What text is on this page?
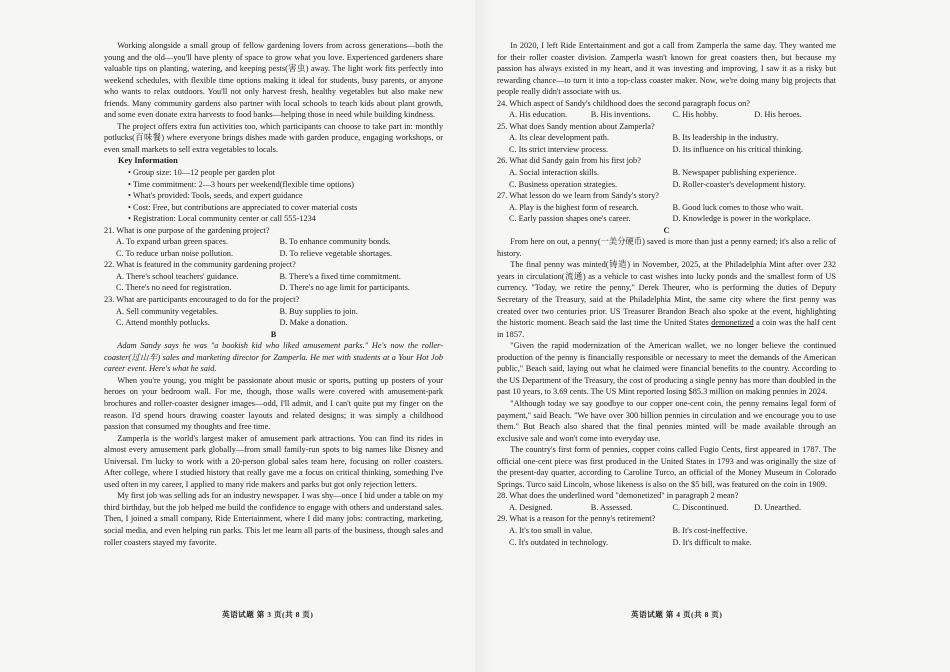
Working alongside a small group of fellow gardening lovers from across generations—both the young and the old—you'll have plenty of space to grow what you love. Experienced gardeners share valuable tips on planting, watering, and keeping pests(害虫) away. The light work fits perfectly into weekend schedules, with flexible time options making it ideal for students, busy parents, or anyone who wants to relax outdoors. You'll not only harvest fresh, healthy vegetables but also make new friends. Many community gardens also partner with local schools to teach kids about plant growth, and some even donate extra harvests to food banks—helping those in need while building kindness.

The project offers extra fun activities too, which participants can choose to take part in: monthly potlucks(百味餐) where everyone brings dishes made with garden produce, engaging workshops, or even small markets to sell extra vegetables to locals.

Key Information
• Group size: 10—12 people per garden plot
• Time commitment: 2—3 hours per weekend(flexible time options)
• What's provided: Tools, seeds, and expert guidance
• Cost: Free, but contributions are appreciated to cover material costs
• Registration: Local community center or call 555-1234
21. What is one purpose of the gardening project?
A. To expand urban green spaces.	B. To enhance community bonds.
C. To reduce urban noise pollution.	D. To relieve vegetable shortages.
22. What is featured in the community gardening project?
A. There's school teachers' guidance.	B. There's a fixed time commitment.
C. There's no need for registration.	D. There's no age limit for participants.
23. What are participants encouraged to do for the project?
A. Sell community vegetables.	B. Buy supplies to join.
C. Attend monthly potlucks.	D. Make a donation.
B

Adam Sandy says he was "a bookish kid who liked amusement parks." He's now the roller-coaster(过山车) sales and marketing director for Zamperla. He met with students at a Your Hot Job career event. Here's what he said.

When you're young, you might be passionate about music or sports, putting up posters of your heroes on your bedroom wall. For me, though, those walls were covered with amusement-park brochures and roller-coaster designer images—odd, I'll admit, and I can't quite put my finger on the reason. I'd spend hours drawing coaster layouts and related designs; it was simply a childhood passion that consumed my thoughts and free time.

Zamperla is the world's largest maker of amusement park attractions. You can find its rides in almost every amusement park globally—from small family-run spots to big names like Disney and Universal. I'm lucky to work with a 20-person global sales team here, focusing on roller coasters. After college, where I studied history that really gave me a focus on critical thinking, something I've used often in my career, I applied to many ride makers and parks but got only rejection letters.

My first job was selling ads for an industry newspaper. I was shy—once I hid under a table on my third birthday, but the job helped me build the confidence to engage with others and understand sales. Then, I joined a small company, Ride Entertainment, where I did many jobs: contracting, marketing, social media, and even helping run parks. This let me learn all parts of the business, though sales and roller coasters stayed my favorite.

英语试题 第 3 页(共 8 页)

In 2020, I left Ride Entertainment and got a call from Zamperla the same day. They wanted me for their roller coaster division. Zamperla wasn't known for great coasters then, but because my passion has always existed in my heart, and it was investing and improving, I saw it as a risky but rewarding chance—to turn it into a top-class coaster maker. Now, we're doing many big projects that people really didn't associate with us.

24. Which aspect of Sandy's childhood does the second paragraph focus on?
A. His education.	B. His inventions.	C. His hobby.	D. His heroes.
25. What does Sandy mention about Zamperla?
A. Its clear development path.	B. Its leadership in the industry.
C. Its strict interview process.	D. Its influence on his critical thinking.
26. What did Sandy gain from his first job?
A. Social interaction skills.	B. Newspaper publishing experience.
C. Business operation strategies.	D. Roller-coaster's development history.
27. What lesson do we learn from Sandy's story?
A. Play is the highest form of research.	B. Good luck comes to those who wait.
C. Early passion shapes one's career.	D. Knowledge is power in the workplace.
C

From here on out, a penny(一美分硬币) saved is more than just a penny earned; it's also a relic of history.

The final penny was minted(铸造) in November, 2025, at the Philadelphia Mint after over 232 years in circulation(流通) as a vehicle to cast wishes into lucky ponds and the smallest form of US currency. "Today, we retire the penny," Derek Theurer, who is performing the duties of Deputy Secretary of the Treasury, said at the Philadelphia Mint, the same city where the first penny was created over two centuries prior. US Treasurer Brandon Beach also spoke at the event, highlighting the historic moment. Beach said the last time the United States demonetized a coin was the half cent in 1857.

"Given the rapid modernization of the American wallet, we no longer believe the continued production of the penny is financially responsible or necessary to meet the demands of the American public," Beach said, laying out what he claimed were financial benefits to the country. According to the US Department of the Treasury, the cost of producing a single penny has more than doubled in the past 10 years, to 3.69 cents. The US Mint reported losing $85.3 million on making pennies in 2024.

"Although today we say goodbye to our copper one-cent coin, the penny remains legal form of payment," said Beach. "We have over 300 billion pennies in circulation and we encourage you to use them." But Beach also shared that the final pennies minted will be made available through an exclusive sale and won't come into everyday use.

The country's first form of pennies, copper coins called Fugio Cents, first appeared in 1787. The official one-cent piece was first produced in the United States in 1793 and was originally the size of the present-day quarter, according to Caroline Turco, an official of the Money Museum in Colorado Springs. Turco said Lincoln, whose likeness is also on the $5 bill, was featured on the coin in 1909.

28. What does the underlined word "demonetized" in paragraph 2 mean?
A. Designed.	B. Assessed.	C. Discontinued.	D. Unearthed.
29. What is a reason for the penny's retirement?
A. It's too small in value.	B. It's cost-ineffective.
C. It's outdated in technology.	D. It's difficult to make.
英语试题 第 4 页(共 8 页)
